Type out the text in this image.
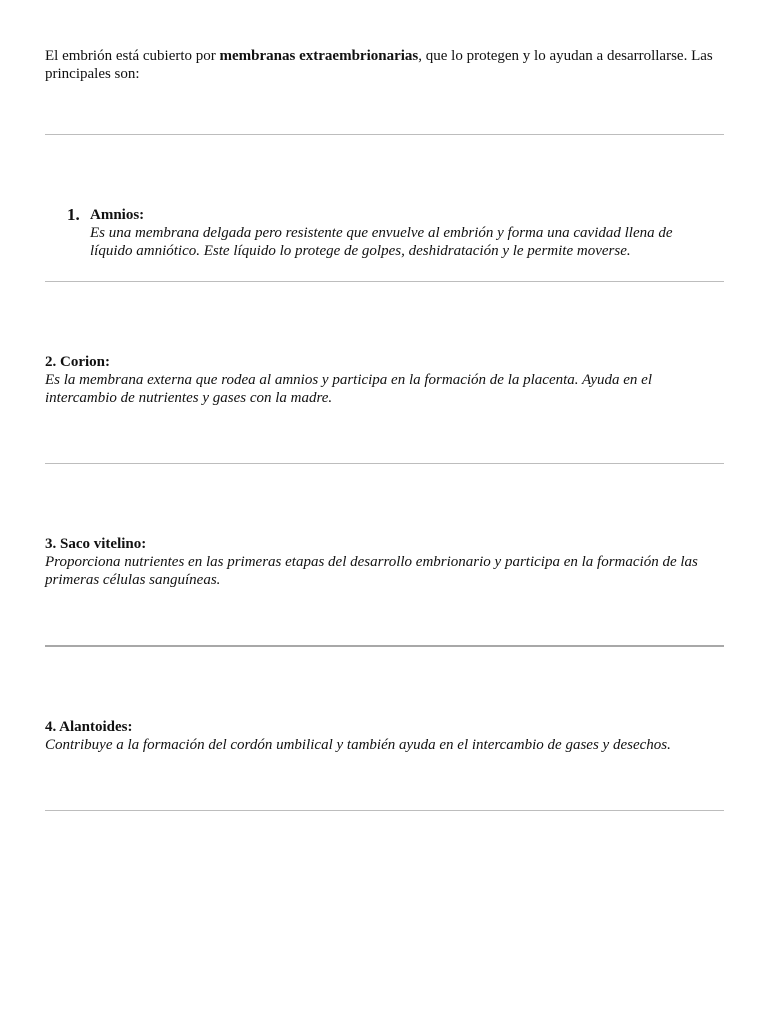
El embrión está cubierto por membranas extraembrionarias, que lo protegen y lo ayudan a desarrollarse. Las principales son:

1. Amnios:

Es una membrana delgada pero resistente que envuelve al embrión y forma una cavidad llena de líquido amniótico. Este líquido lo protege de golpes, deshidratación y le permite moverse.

2. Corion:

Es la membrana externa que rodea al amnios y participa en la formación de la placenta. Ayuda en el intercambio de nutrientes y gases con la madre.

3. Saco vitelino:

Proporciona nutrientes en las primeras etapas del desarrollo embrionario y participa en la formación de las primeras células sanguíneas.

4. Alantoides:

Contribuye a la formación del cordón umbilical y también ayuda en el intercambio de gases y desechos.
